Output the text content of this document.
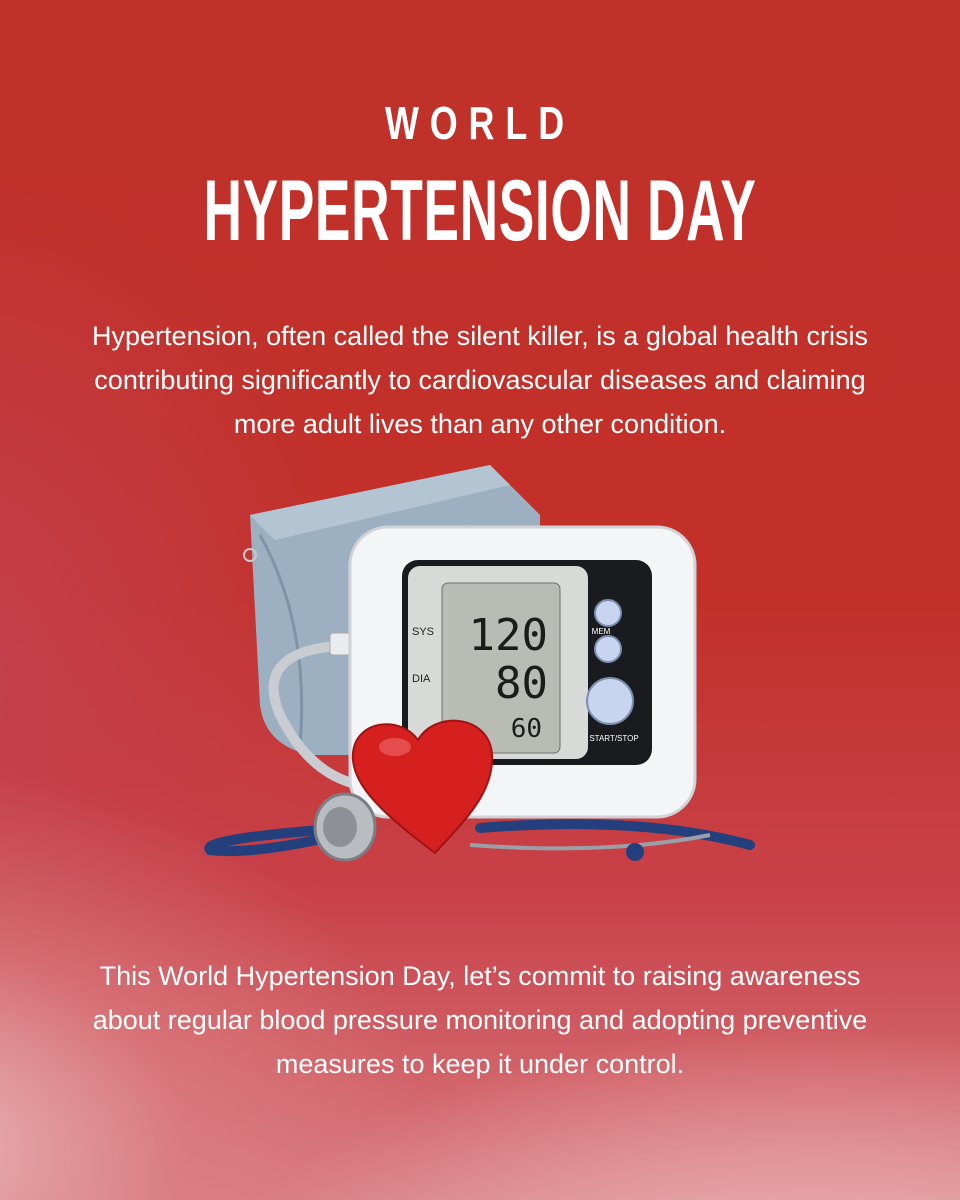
WORLD
HYPERTENSION DAY

Hypertension, often called the silent killer, is a global health crisis contributing significantly to cardiovascular diseases and claiming more adult lives than any other condition.

SYS
DIA
120
80
60
MEM
START/STOP

This World Hypertension Day, let’s commit to raising awareness about regular blood pressure monitoring and adopting preventive measures to keep it under control.
